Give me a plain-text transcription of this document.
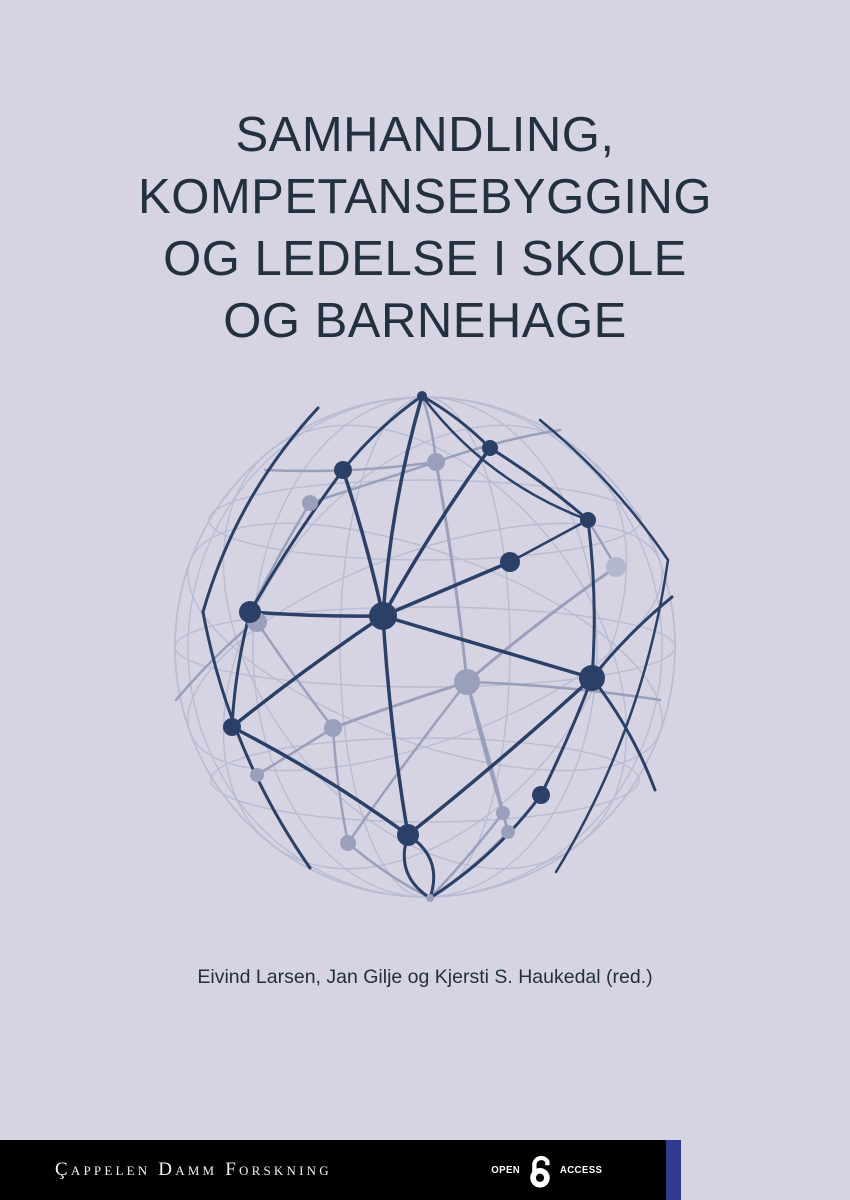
SAMHANDLING,
KOMPETANSEBYGGING
OG LEDELSE I SKOLE
OG BARNEHAGE
Eivind Larsen, Jan Gilje og Kjersti S. Haukedal (red.)
Çappelen Damm Forskning	OPEN	ACCESS
